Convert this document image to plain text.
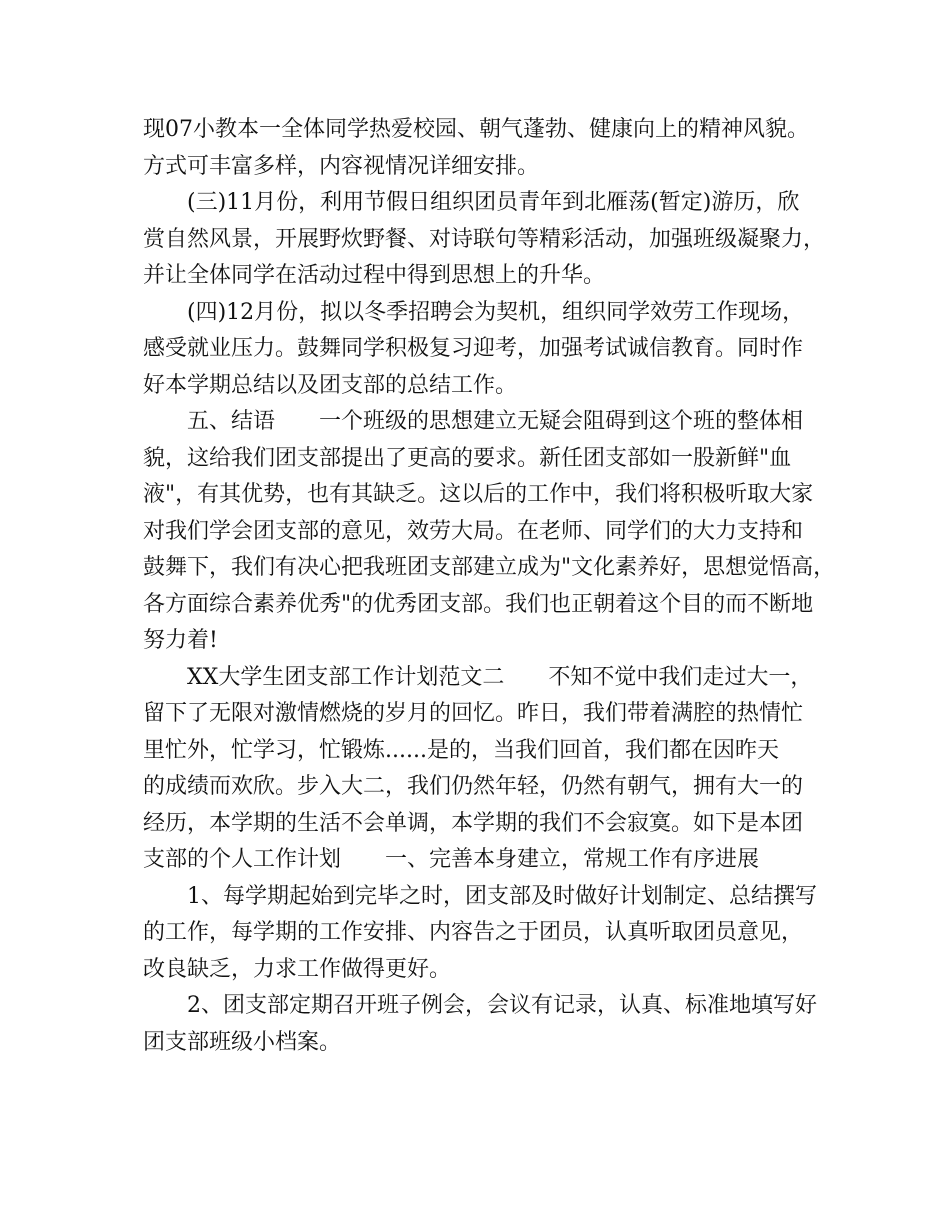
现07小教本一全体同学热爱校园、朝气蓬勃、健康向上的精神风貌。
方式可丰富多样，内容视情况详细安排。
(三)11月份，利用节假日组织团员青年到北雁荡(暂定)游历，欣
赏自然风景，开展野炊野餐、对诗联句等精彩活动，加强班级凝聚力，
并让全体同学在活动过程中得到思想上的升华。
(四)12月份，拟以冬季招聘会为契机，组织同学效劳工作现场，
感受就业压力。鼓舞同学积极复习迎考，加强考试诚信教育。同时作
好本学期总结以及团支部的总结工作。
五、结语　　一个班级的思想建立无疑会阻碍到这个班的整体相
貌，这给我们团支部提出了更高的要求。新任团支部如一股新鲜"血
液"，有其优势，也有其缺乏。这以后的工作中，我们将积极听取大家
对我们学会团支部的意见，效劳大局。在老师、同学们的大力支持和
鼓舞下，我们有决心把我班团支部建立成为"文化素养好，思想觉悟高，
各方面综合素养优秀"的优秀团支部。我们也正朝着这个目的而不断地
努力着!
XX大学生团支部工作计划范文二　　不知不觉中我们走过大一，
留下了无限对激情燃烧的岁月的回忆。昨日，我们带着满腔的热情忙
里忙外，忙学习，忙锻炼......是的，当我们回首，我们都在因昨天
的成绩而欢欣。步入大二，我们仍然年轻，仍然有朝气，拥有大一的
经历，本学期的生活不会单调，本学期的我们不会寂寞。如下是本团
支部的个人工作计划　　一、完善本身建立，常规工作有序进展
1、每学期起始到完毕之时，团支部及时做好计划制定、总结撰写
的工作，每学期的工作安排、内容告之于团员，认真听取团员意见，
改良缺乏，力求工作做得更好。
2、团支部定期召开班子例会，会议有记录，认真、标准地填写好
团支部班级小档案。
